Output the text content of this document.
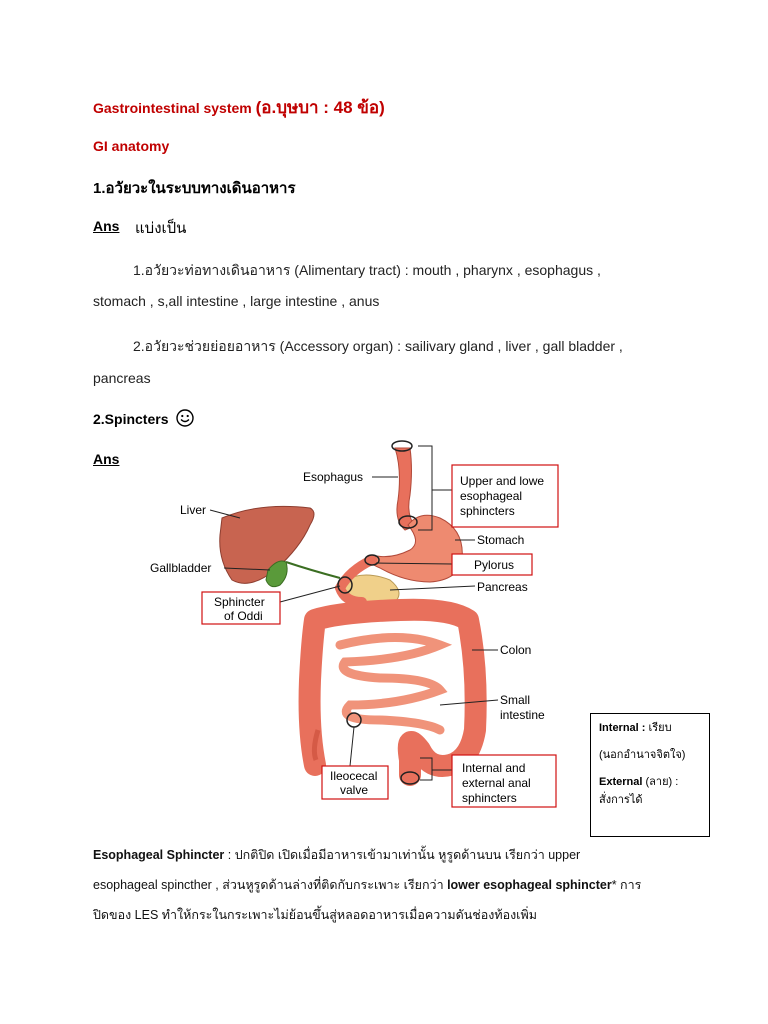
Gastrointestinal system (อ.บุษบา : 48 ข้อ)
GI anatomy
1.อวัยวะในระบบทางเดินอาหาร
Ans แบ่งเป็น
1.อวัยวะท่อทางเดินอาหาร (Alimentary tract) : mouth , pharynx , esophagus ,
stomach , s,all intestine , large intestine , anus
2.อวัยวะช่วยย่อยอาหาร (Accessory organ) : sailivary gland , liver , gall bladder ,
pancreas
2.Spincters
Ans
Esophagus
Liver
Gallbladder
Stomach
Pancreas
Colon
Small
intestine
Upper and lowe
esophageal
sphincters
Pylorus
Sphincter
of Oddi
Ileocecal
valve
Internal and
external anal
sphincters
Internal : เรียบ
(นอกอำนาจจิตใจ)
External (ลาย) :
สั่งการได้
Esophageal Sphincter : ปกติปิด เปิดเมื่อมีอาหารเข้ามาเท่านั้น หูรูดด้านบน เรียกว่า upper
esophageal spincther , ส่วนหูรูดด้านล่างที่ติดกับกระเพาะ เรียกว่า lower esophageal sphincter* การ
ปิดของ LES ทำให้กระในกระเพาะไม่ย้อนขึ้นสู่หลอดอาหารเมื่อความดันช่องท้องเพิ่ม
